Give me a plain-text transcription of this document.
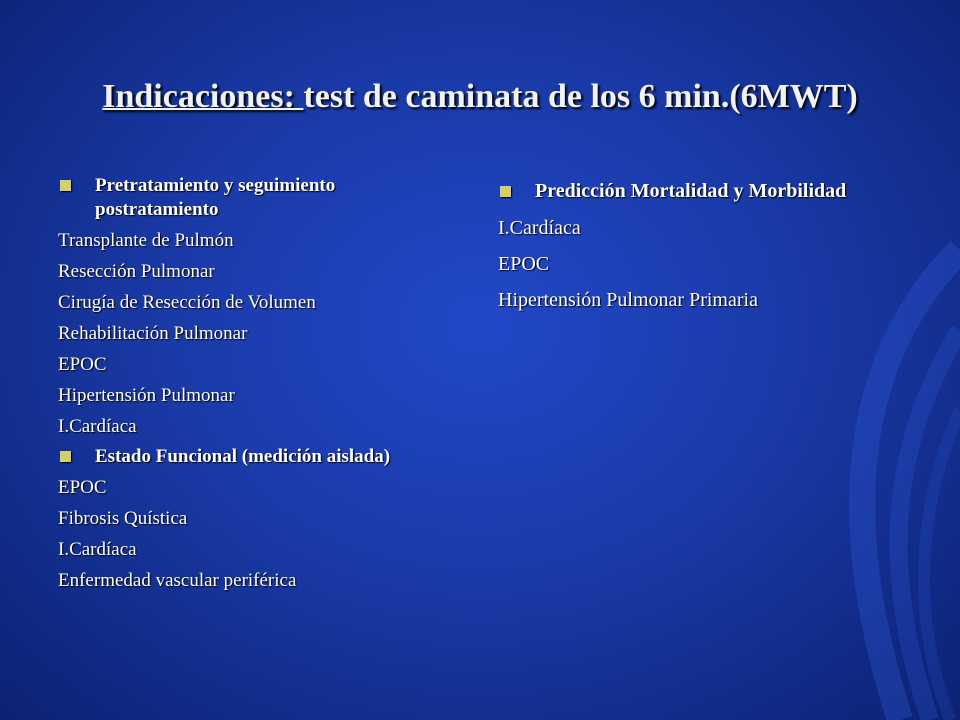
Indicaciones: test de caminata de los 6 min.(6MWT)
Pretratamiento y seguimiento postratamiento
Transplante de Pulmón
Resección Pulmonar
Cirugía de Resección de Volumen
Rehabilitación Pulmonar
EPOC
Hipertensión Pulmonar
I.Cardíaca
Estado Funcional (medición aislada)
EPOC
Fibrosis Quística
I.Cardíaca
Enfermedad vascular periférica
Predicción Mortalidad y Morbilidad
I.Cardíaca
EPOC
Hipertensión Pulmonar Primaria
